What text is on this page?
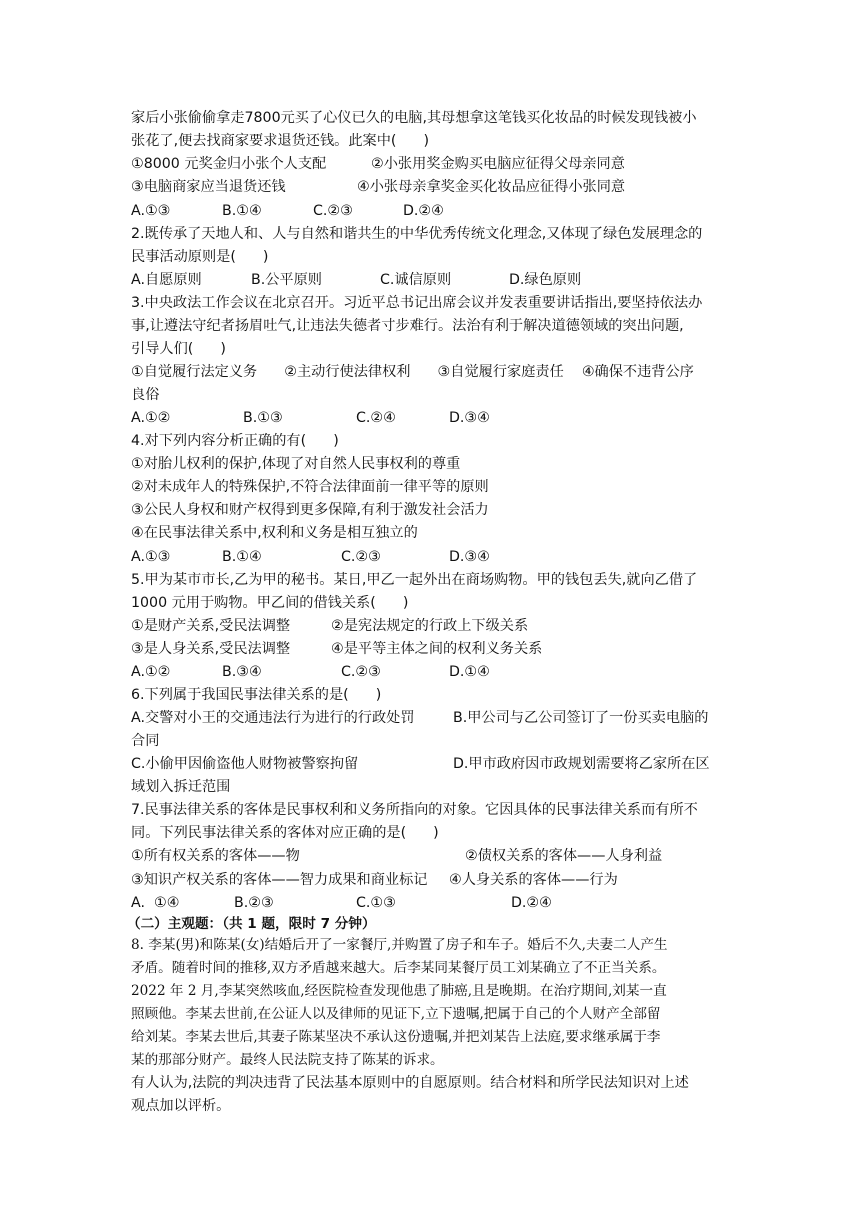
家后小张偷偷拿走7800元买了心仪已久的电脑,其母想拿这笔钱买化妆品的时候发现钱被小
张花了,便去找商家要求退货还钱。此案中(      )
①8000 元奖金归小张个人支配	②小张用奖金购买电脑应征得父母亲同意
③电脑商家应当退货还钱	④小张母亲拿奖金买化妆品应征得小张同意
A.①③	B.①④	C.②③	D.②④
2.既传承了天地人和、人与自然和谐共生的中华优秀传统文化理念,又体现了绿色发展理念的
民事活动原则是(      )
A.自愿原则	B.公平原则	C.诚信原则	D.绿色原则
3.中央政法工作会议在北京召开。习近平总书记出席会议并发表重要讲话指出,要坚持依法办
事,让遵法守纪者扬眉吐气,让违法失德者寸步难行。法治有利于解决道德领域的突出问题,
引导人们(      )
①自觉履行法定义务      ②主动行使法律权利      ③自觉履行家庭责任    ④确保不违背公序
良俗
A.①②	B.①③	C.②④	D.③④
4.对下列内容分析正确的有(      )
①对胎儿权利的保护,体现了对自然人民事权利的尊重
②对未成年人的特殊保护,不符合法律面前一律平等的原则
③公民人身权和财产权得到更多保障,有利于激发社会活力
④在民事法律关系中,权利和义务是相互独立的
A.①③	B.①④	C.②③	D.③④
5.甲为某市市长,乙为甲的秘书。某日,甲乙一起外出在商场购物。甲的钱包丢失,就向乙借了
1000 元用于购物。甲乙间的借钱关系(      )
①是财产关系,受民法调整	②是宪法规定的行政上下级关系
③是人身关系,受民法调整	④是平等主体之间的权利义务关系
A.①②	B.③④	C.②③	D.①④
6.下列属于我国民事法律关系的是(      )
A.交警对小王的交通违法行为进行的行政处罚	B.甲公司与乙公司签订了一份买卖电脑的
合同
C.小偷甲因偷盗他人财物被警察拘留	D.甲市政府因市政规划需要将乙家所在区
域划入拆迁范围
7.民事法律关系的客体是民事权利和义务所指向的对象。它因具体的民事法律关系而有所不
同。下列民事法律关系的客体对应正确的是(      )
①所有权关系的客体——物	②债权关系的客体——人身利益
③知识产权关系的客体——智力成果和商业标记 ④人身关系的客体——行为
A.  ①④	B.②③	C.①③	D.②④
（二）主观题：（共 1 题，限时 7 分钟）
8. 李某(男)和陈某(女)结婚后开了一家餐厅,并购置了房子和车子。婚后不久,夫妻二人产生
矛盾。随着时间的推移,双方矛盾越来越大。后李某同某餐厅员工刘某确立了不正当关系。
2022 年 2 月,李某突然咳血,经医院检查发现他患了肺癌,且是晚期。在治疗期间,刘某一直
照顾他。李某去世前,在公证人以及律师的见证下,立下遗嘱,把属于自己的个人财产全部留
给刘某。李某去世后,其妻子陈某坚决不承认这份遗嘱,并把刘某告上法庭,要求继承属于李
某的那部分财产。最终人民法院支持了陈某的诉求。
有人认为,法院的判决违背了民法基本原则中的自愿原则。结合材料和所学民法知识对上述
观点加以评析。
